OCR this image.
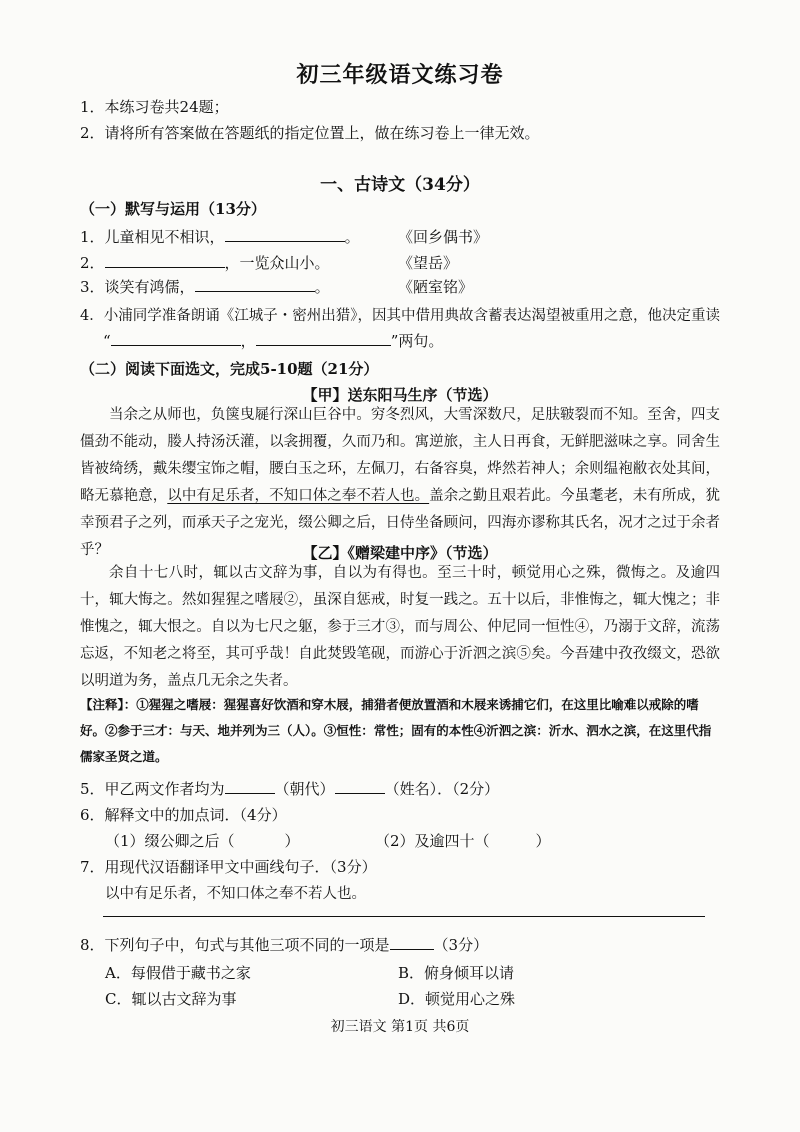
初三年级语文练习卷
1．本练习卷共24题；
2．请将所有答案做在答题纸的指定位置上，做在练习卷上一律无效。
一、古诗文（34分）
（一）默写与运用（13分）
1．儿童相见不相识，	。	《回乡偶书》
2．	，一览众山小。	《望岳》
3．谈笑有鸿儒，	。	《陋室铭》
4．小浦同学准备朗诵《江城子・密州出猎》，因其中借用典故含蓄表达渴望被重用之意，他决定重读
“	，	”两句。
（二）阅读下面选文，完成5-10题（21分）
【甲】送东阳马生序（节选）

当余之从师也，负箧曳屣行深山巨谷中。穷冬烈风，大雪深数尺，足肤皲裂而不知。至舍，四支僵劲不能动，媵人持汤沃灌，以衾拥覆，久而乃和。寓逆旅，主人日再食，无鲜肥滋味之享。同舍生皆被绮绣，戴朱缨宝饰之帽，腰白玉之环，左佩刀，右备容臭，烨然若神人；余则缊袍敝衣处其间，略无慕艳意，以中有足乐者，不知口体之奉不若人也。盖余之勤且艰若此。今虽耄老，未有所成，犹幸预君子之列，而承天子之宠光，缀公卿之后，日侍坐备顾问，四海亦谬称其氏名，况才之过于余者乎？	【乙】《赠梁建中序》（节选）

余自十七八时，辄以古文辞为事，自以为有得也。至三十时，顿觉用心之殊，微悔之。及逾四十，辄大悔之。然如猩猩之嗜屐②，虽深自惩戒，时复一践之。五十以后，非惟悔之，辄大愧之；非惟愧之，辄大恨之。自以为七尺之躯，参于三才③，而与周公、仲尼同一恒性④，乃溺于文辞，流荡忘返，不知老之将至，其可乎哉！自此焚毁笔砚，而游心于沂泗之滨⑤矣。今吾建中孜孜缀文，恐欲以明道为务，盖点几无余之失者。

【注释】：①猩猩之嗜屐：猩猩喜好饮酒和穿木屐，捕猎者便放置酒和木屐来诱捕它们，在这里比喻难以戒除的嗜好。②参于三才：与天、地并列为三（人）。③恒性：常性；固有的本性④沂泗之滨：沂水、泗水之滨，在这里代指儒家圣贤之道。
5．甲乙两文作者均为	（朝代）	（姓名）．（2分）
6．解释文中的加点词．（4分）
（1）缀公卿之后（	）	（2）及逾四十（	）
7．用现代汉语翻译甲文中画线句子．（3分）
以中有足乐者，不知口体之奉不若人也。
8．下列句子中，句式与其他三项不同的一项是	（3分）
A．每假借于藏书之家	B．俯身倾耳以请
C．辄以古文辞为事	D．顿觉用心之殊
初三语文 第1页 共6页
